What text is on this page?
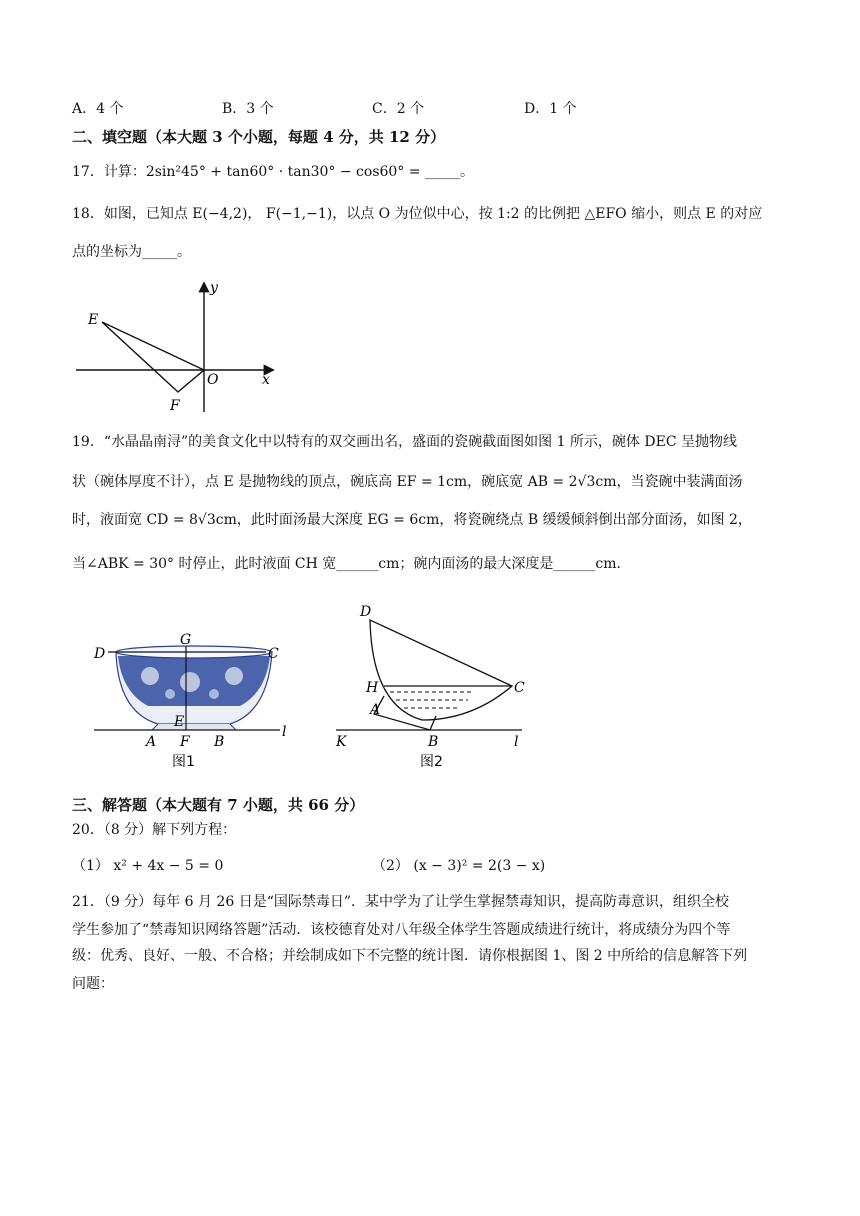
A．4 个	B．3 个	C．2 个	D．1 个
二、填空题（本大题 3 个小题，每题 4 分，共 12 分）
17．计算：2sin²45° + tan60° · tan30° − cos60° = _____。
18．如图，已知点 E(−4,2)， F(−1,−1)，以点 O 为位似中心，按 1:2 的比例把 △EFO 缩小，则点 E 的对应
点的坐标为_____。
E
F
O	x
y
19．“水晶晶南浔”的美食文化中以特有的双交画出名，盛面的瓷碗截面图如图 1 所示，碗体 DEC 呈抛物线
状（碗体厚度不计），点 E 是抛物线的顶点，碗底高 EF = 1cm，碗底宽 AB = 2√3cm，当瓷碗中装满面汤
时，液面宽 CD = 8√3cm，此时面汤最大深度 EG = 6cm，将瓷碗绕点 B 缓缓倾斜倒出部分面汤，如图 2，
当∠ABK = 30° 时停止，此时液面 CH 宽______cm；碗内面汤的最大深度是______cm．
D
G
C
E
A F B
l
图1
D
H	C
A
K	B	l
图2
三、解答题（本大题有 7 小题，共 66 分）
20．（8 分）解下列方程：
（1） x² + 4x − 5 = 0	（2） (x − 3)² = 2(3 − x)
21．（9 分）每年 6 月 26 日是“国际禁毒日”．某中学为了让学生掌握禁毒知识，提高防毒意识，组织全校
学生参加了“禁毒知识网络答题”活动．该校德育处对八年级全体学生答题成绩进行统计，将成绩分为四个等
级：优秀、良好、一般、不合格；并绘制成如下不完整的统计图．请你根据图 1、图 2 中所给的信息解答下列
问题：
